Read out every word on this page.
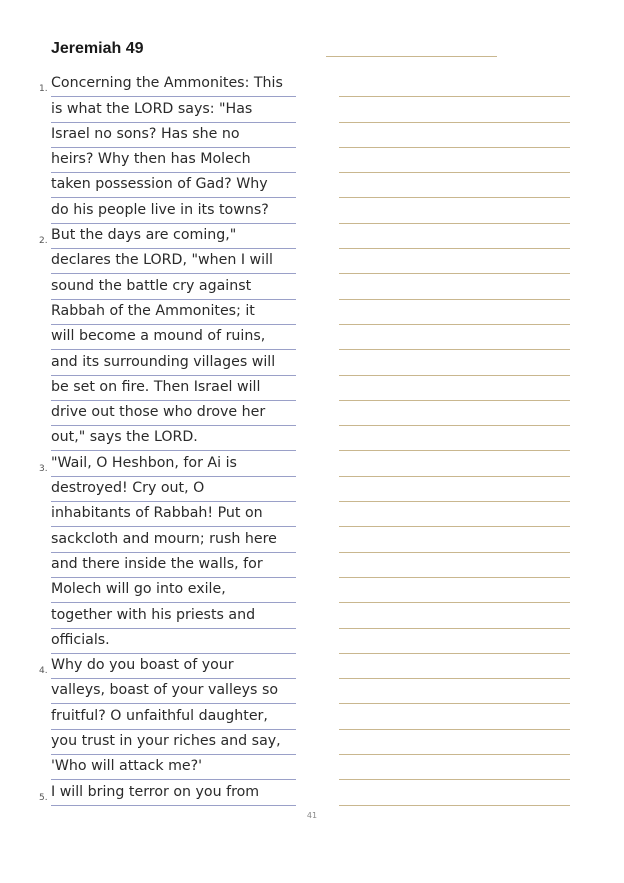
Jeremiah 49
1. Concerning the Ammonites: This
is what the LORD says: "Has
Israel no sons? Has she no
heirs? Why then has Molech
taken possession of Gad? Why
do his people live in its towns?
2. But the days are coming,"
declares the LORD, "when I will
sound the battle cry against
Rabbah of the Ammonites; it
will become a mound of ruins,
and its surrounding villages will
be set on fire. Then Israel will
drive out those who drove her
out," says the LORD.
3. "Wail, O Heshbon, for Ai is
destroyed! Cry out, O
inhabitants of Rabbah! Put on
sackcloth and mourn; rush here
and there inside the walls, for
Molech will go into exile,
together with his priests and
officials.
4. Why do you boast of your
valleys, boast of your valleys so
fruitful? O unfaithful daughter,
you trust in your riches and say,
'Who will attack me?'
5. I will bring terror on you from
41
